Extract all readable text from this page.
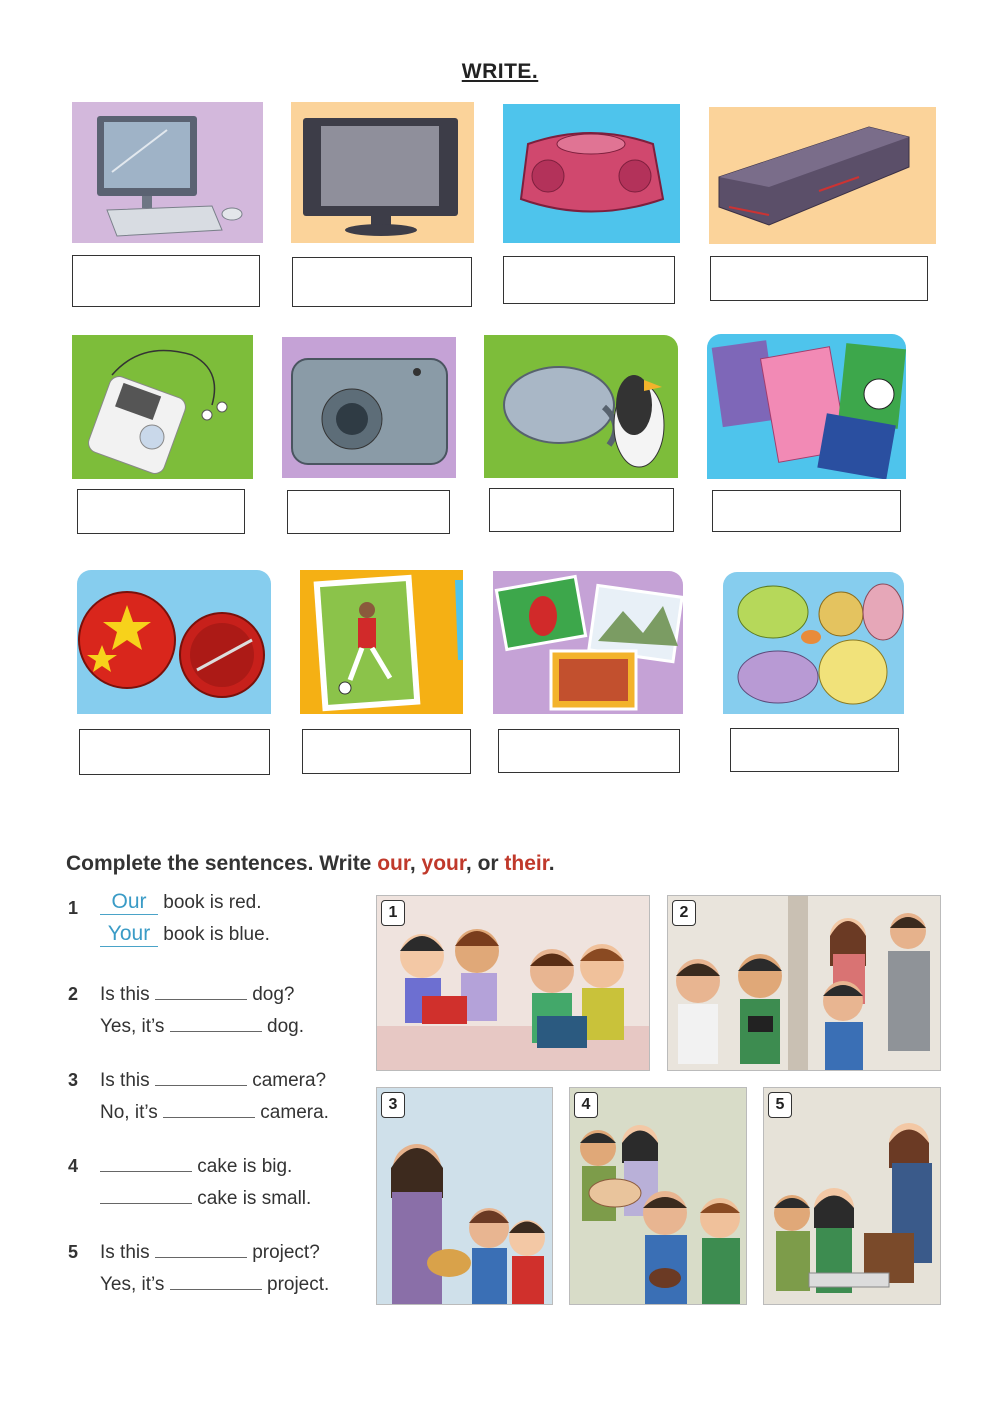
WRITE.
Complete the sentences. Write our, your, or their.
1	Our book is red.
Your book is blue.
2 Is this	dog?
Yes, it’s	dog.
3 Is this	camera?
No, it’s	camera.
4	cake is big.
cake is small.
5 Is this	project?
Yes, it’s	project.
1	2
3	4	5
